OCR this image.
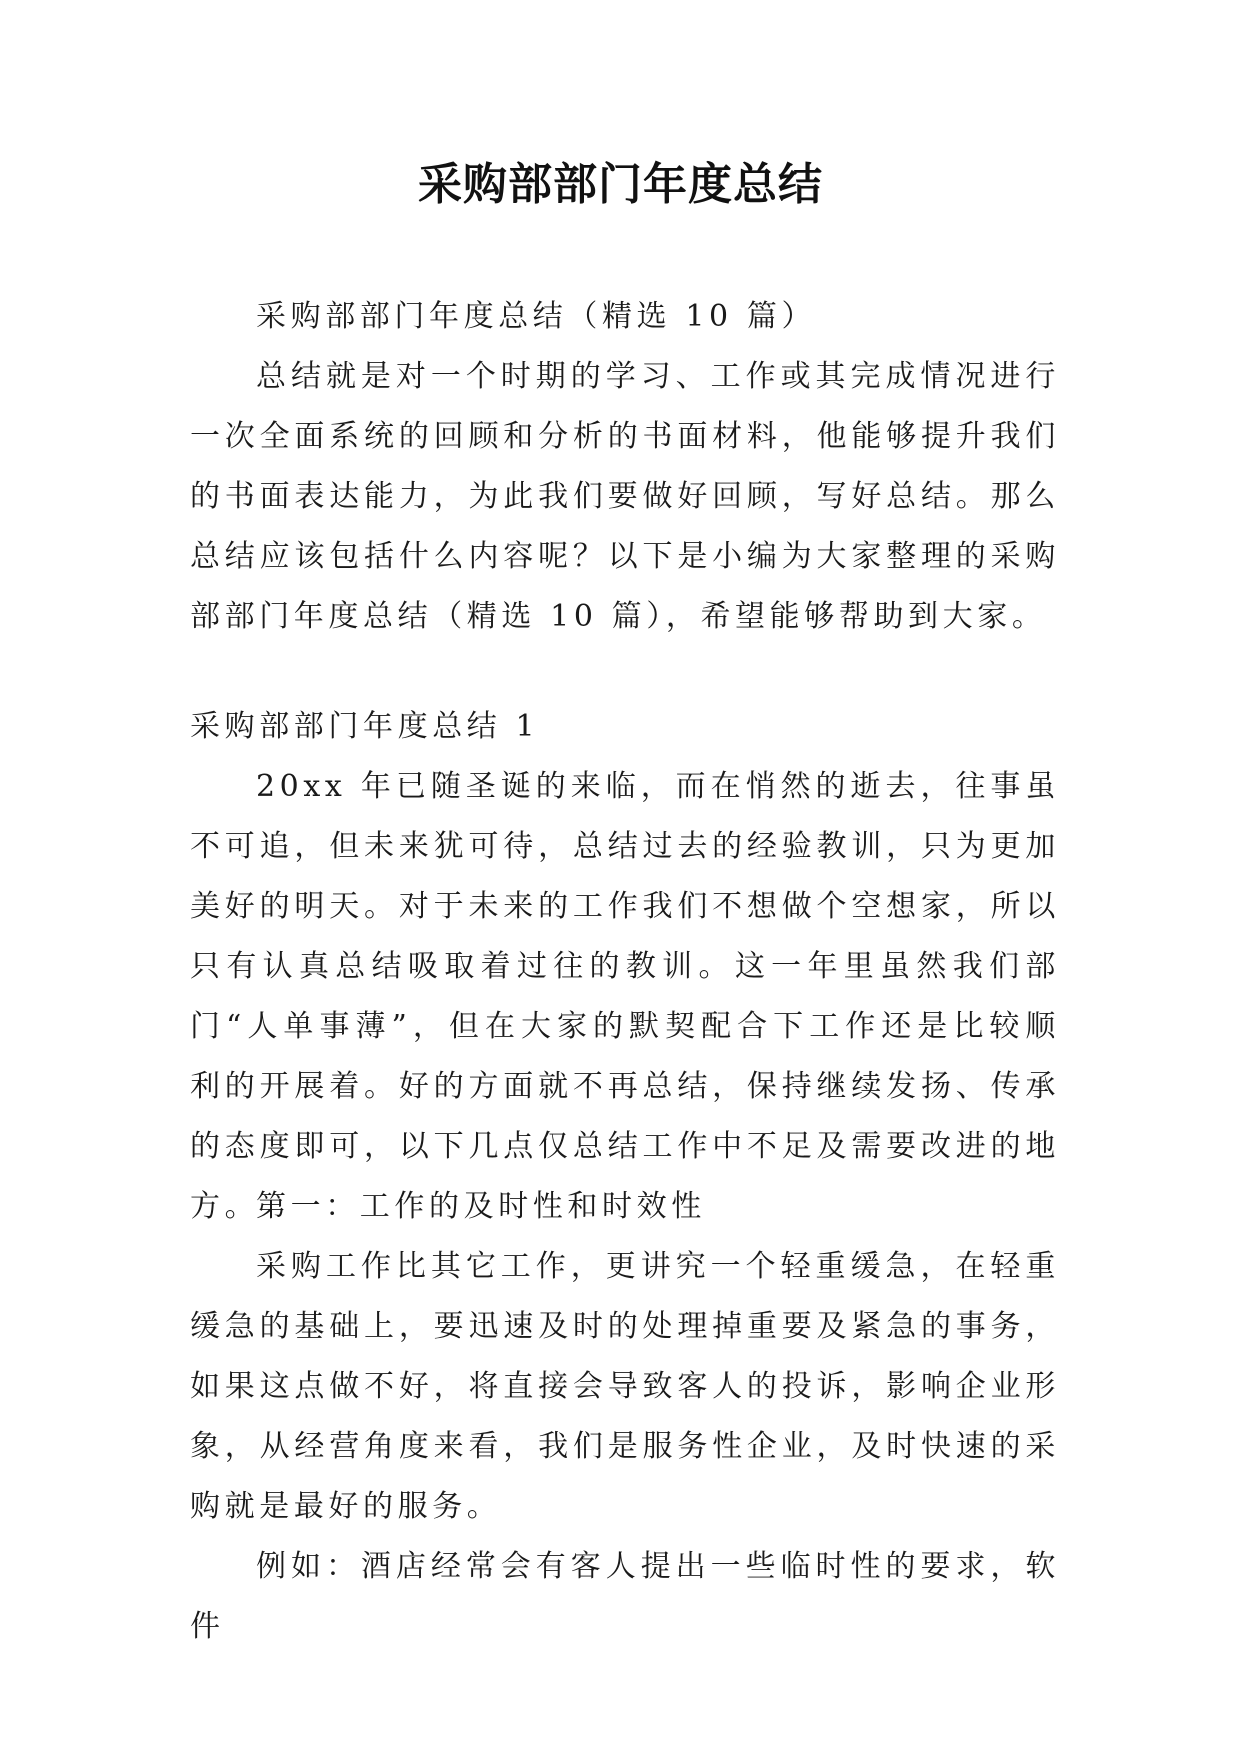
采购部部门年度总结

采购部部门年度总结（精选 10 篇）

总结就是对一个时期的学习、工作或其完成情况进行一次全面系统的回顾和分析的书面材料，他能够提升我们的书面表达能力，为此我们要做好回顾，写好总结。那么总结应该包括什么内容呢？以下是小编为大家整理的采购部部门年度总结（精选 10 篇），希望能够帮助到大家。

采购部部门年度总结 1

20xx 年已随圣诞的来临，而在悄然的逝去，往事虽不可追，但未来犹可待，总结过去的经验教训，只为更加美好的明天。对于未来的工作我们不想做个空想家，所以只有认真总结吸取着过往的教训。这一年里虽然我们部门“人单事薄”，但在大家的默契配合下工作还是比较顺利的开展着。好的方面就不再总结，保持继续发扬、传承的态度即可，以下几点仅总结工作中不足及需要改进的地方。

第一：工作的及时性和时效性

采购工作比其它工作，更讲究一个轻重缓急，在轻重缓急的基础上，要迅速及时的处理掉重要及紧急的事务，如果这点做不好，将直接会导致客人的投诉，影响企业形象，从经营角度来看，我们是服务性企业，及时快速的采购就是最好的服务。

例如：酒店经常会有客人提出一些临时性的要求，软件
